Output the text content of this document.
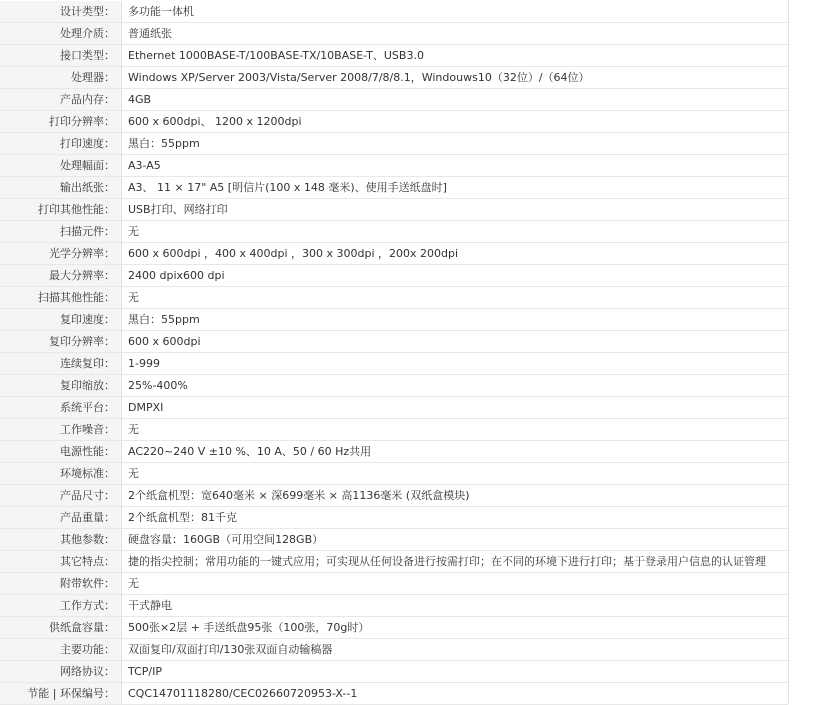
设计类型：	多功能一体机
处理介质：	普通纸张
接口类型：	Ethernet 1000BASE-T/100BASE-TX/10BASE-T、USB3.0
处理器：	Windows XP/Server 2003/Vista/Server 2008/7/8/8.1，Windouws10（32位）/（64位）
产品内存：	4GB
打印分辨率：	600 x 600dpi、 1200 x 1200dpi
打印速度：	黑白：55ppm
处理幅面：	A3-A5
输出纸张：	A3、 11 × 17" A5 [明信片(100 x 148 毫米)、使用手送纸盘时]
打印其他性能：	USB打印、网络打印
扫描元件：	无
光学分辨率：	600 x 600dpi ，400 x 400dpi ，300 x 300dpi ，200x 200dpi
最大分辨率：	2400 dpix600 dpi
扫描其他性能：	无
复印速度：	黑白：55ppm
复印分辨率：	600 x 600dpi
连续复印：	1-999
复印缩放：	25%-400%
系统平台：	DMPXI
工作噪音：	无
电源性能：	AC220~240 V ±10 %、10 A、50 / 60 Hz共用
环境标准：	无
产品尺寸：	2个纸盒机型：宽640毫米 × 深699毫米 × 高1136毫米 (双纸盒模块)
产品重量：	2个纸盒机型：81千克
其他参数：	硬盘容量：160GB（可用空间128GB）
其它特点：	捷的指尖控制；常用功能的一键式应用；可实现从任何设备进行按需打印；在不同的环境下进行打印；基于登录用户信息的认证管理
附带软件：	无
工作方式：	干式静电
供纸盒容量：	500张×2层 + 手送纸盘95张（100张，70g时）
主要功能：	双面复印/双面打印/130张双面自动输稿器
网络协议：	TCP/IP
节能 | 环保编号：	CQC14701118280/CEC02660720953-X--1
